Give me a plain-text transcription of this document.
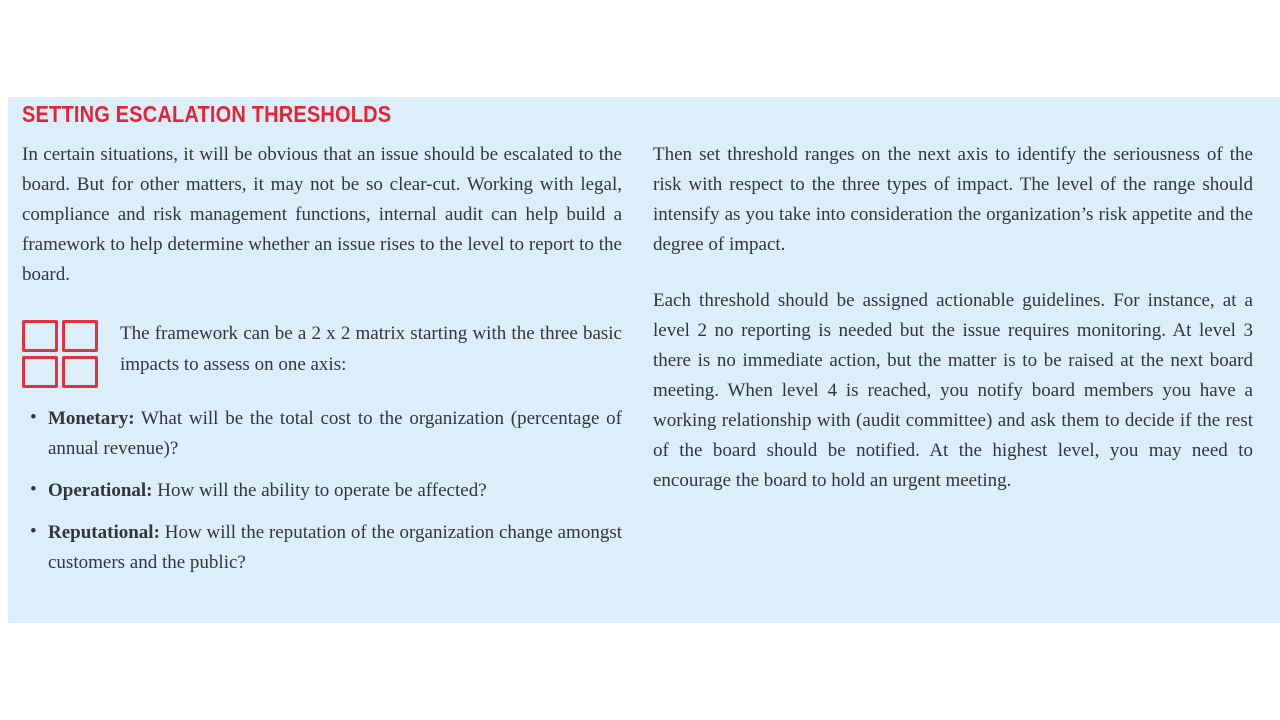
SETTING ESCALATION THRESHOLDS

In certain situations, it will be obvious that an issue should be escalated to the board. But for other matters, it may not be so clear-cut. Working with legal, compliance and risk management functions, internal audit can help build a framework to help determine whether an issue rises to the level to report to the board.

The framework can be a 2 x 2 matrix starting with the three basic impacts to assess on one axis:

• Monetary: What will be the total cost to the organization (percentage of annual revenue)?
• Operational: How will the ability to operate be affected?
• Reputational: How will the reputation of the organization change amongst customers and the public?

Then set threshold ranges on the next axis to identify the seriousness of the risk with respect to the three types of impact. The level of the range should intensify as you take into consideration the organization’s risk appetite and the degree of impact.

Each threshold should be assigned actionable guidelines. For instance, at a level 2 no reporting is needed but the issue requires monitoring. At level 3 there is no immediate action, but the matter is to be raised at the next board meeting. When level 4 is reached, you notify board members you have a working relationship with (audit committee) and ask them to decide if the rest of the board should be notified. At the highest level, you may need to encourage the board to hold an urgent meeting.
